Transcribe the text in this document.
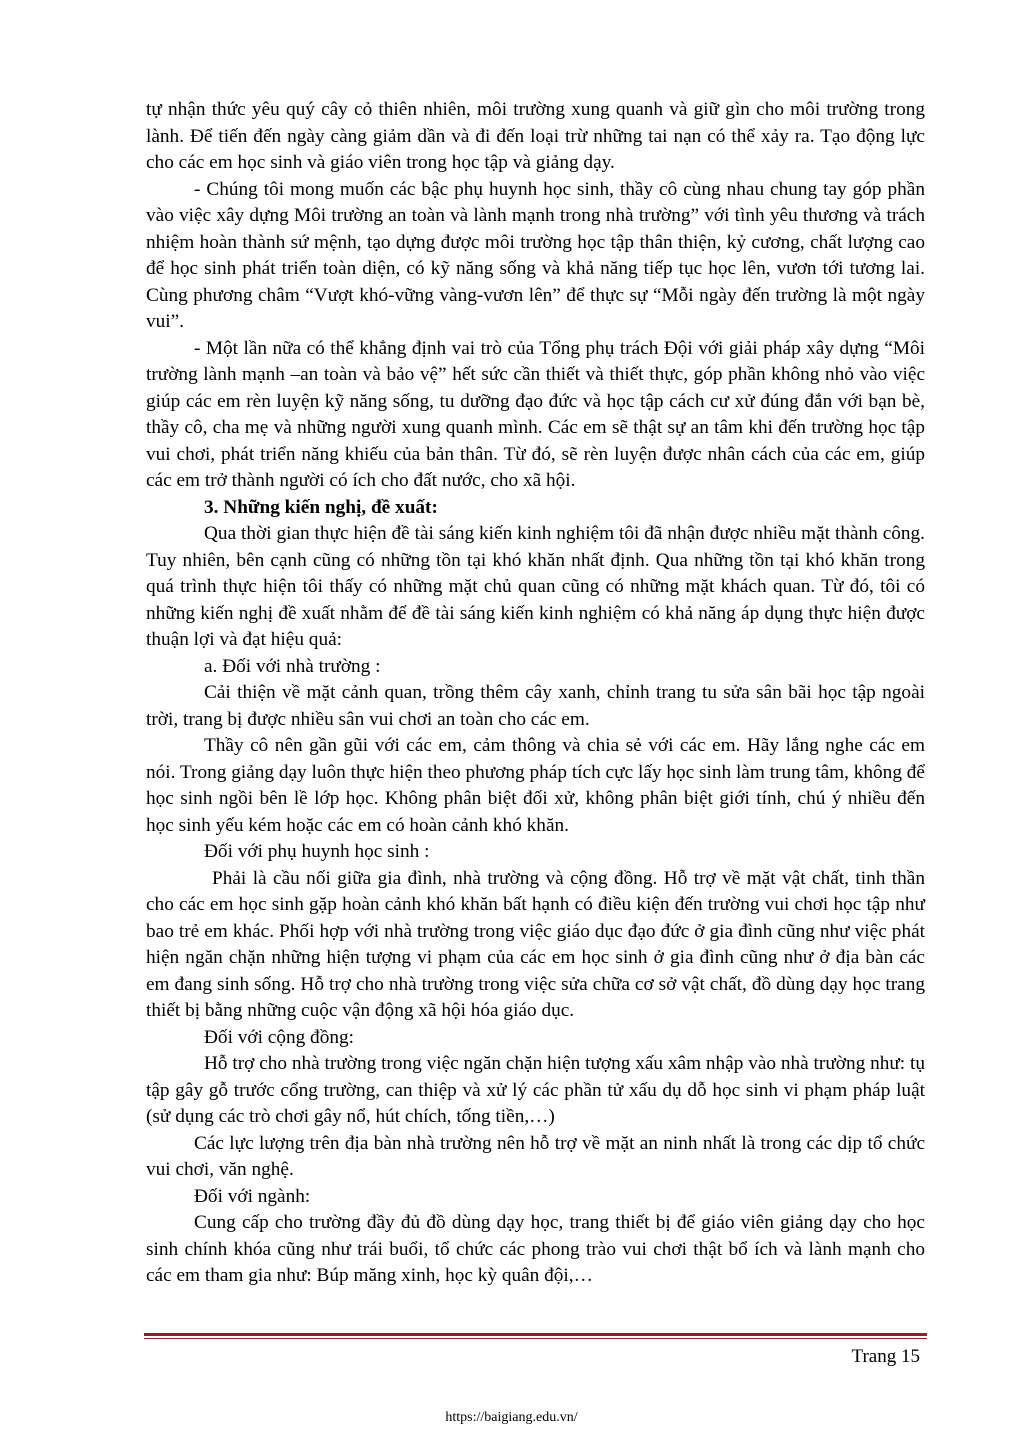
tự nhận thức yêu quý cây cỏ thiên nhiên, môi trường xung quanh và giữ gìn cho môi trường trong lành. Để tiến đến ngày càng giảm dần và đi đến loại trừ những tai nạn có thể xảy ra. Tạo động lực cho các em học sinh và giáo viên trong học tập và giảng dạy.

- Chúng tôi mong muốn các bậc phụ huynh học sinh, thầy cô cùng nhau chung tay góp phần vào việc xây dựng Môi trường an toàn và lành mạnh trong nhà trường” với tình yêu thương và trách nhiệm hoàn thành sứ mệnh, tạo dựng được môi trường học tập thân thiện, kỷ cương, chất lượng cao để học sinh phát triển toàn diện, có kỹ năng sống và khả năng tiếp tục học lên, vươn tới tương lai. Cùng phương châm “Vượt khó-vững vàng-vươn lên” để thực sự “Mỗi ngày đến trường là một ngày vui”.

- Một lần nữa có thể khẳng định vai trò của Tổng phụ trách Đội với giải pháp xây dựng “Môi trường lành mạnh –an toàn và bảo vệ” hết sức cần thiết và thiết thực, góp phần không nhỏ vào việc giúp các em rèn luyện kỹ năng sống, tu dưỡng đạo đức và học tập cách cư xử đúng đắn với bạn bè, thầy cô, cha mẹ và những người xung quanh mình. Các em sẽ thật sự an tâm khi đến trường học tập vui chơi, phát triển năng khiếu của bản thân. Từ đó, sẽ rèn luyện được nhân cách của các em, giúp các em trở thành người có ích cho đất nước, cho xã hội.

3. Những kiến nghị, đề xuất:

Qua thời gian thực hiện đề tài sáng kiến kinh nghiệm tôi đã nhận được nhiều mặt thành công. Tuy nhiên, bên cạnh cũng có những tồn tại khó khăn nhất định. Qua những tồn tại khó khăn trong quá trình thực hiện tôi thấy có những mặt chủ quan cũng có những mặt khách quan. Từ đó, tôi có những kiến nghị đề xuất nhằm để đề tài sáng kiến kinh nghiệm có khả năng áp dụng thực hiện được thuận lợi và đạt hiệu quả:

a. Đối với nhà trường :

Cải thiện về mặt cảnh quan, trồng thêm cây xanh, chỉnh trang tu sửa sân bãi học tập ngoài trời, trang bị được nhiều sân vui chơi an toàn cho các em.

Thầy cô nên gần gũi với các em, cảm thông và chia sẻ với các em. Hãy lắng nghe các em nói. Trong giảng dạy luôn thực hiện theo phương pháp tích cực lấy học sinh làm trung tâm, không để học sinh ngồi bên lề lớp học. Không phân biệt đối xử, không phân biệt giới tính, chú ý nhiều đến học sinh yếu kém hoặc các em có hoàn cảnh khó khăn.

Đối với phụ huynh học sinh :

Phải là cầu nối giữa gia đình, nhà trường và cộng đồng. Hỗ trợ về mặt vật chất, tinh thần cho các em học sinh gặp hoàn cảnh khó khăn bất hạnh có điều kiện đến trường vui chơi học tập như bao trẻ em khác. Phối hợp với nhà trường trong việc giáo dục đạo đức ở gia đình cũng như việc phát hiện ngăn chặn những hiện tượng vi phạm của các em học sinh ở gia đình cũng như ở địa bàn các em đang sinh sống. Hỗ trợ cho nhà trường trong việc sửa chữa cơ sở vật chất, đồ dùng dạy học trang thiết bị bằng những cuộc vận động xã hội hóa giáo dục.

Đối với cộng đồng:

Hỗ trợ cho nhà trường trong việc ngăn chặn hiện tượng xấu xâm nhập vào nhà trường như: tụ tập gây gỗ trước cổng trường, can thiệp và xử lý các phần tử xấu dụ dỗ học sinh vi phạm pháp luật (sử dụng các trò chơi gây nổ, hút chích, tống tiền,…)

Các lực lượng trên địa bàn nhà trường nên hỗ trợ về mặt an ninh nhất là trong các dịp tổ chức vui chơi, văn nghệ.

Đối với ngành:

Cung cấp cho trường đầy đủ đồ dùng dạy học, trang thiết bị để giáo viên giảng dạy cho học sinh chính khóa cũng như trái buổi, tổ chức các phong trào vui chơi thật bổ ích và lành mạnh cho các em tham gia như: Búp măng xinh, học kỳ quân đội,…

Trang 15
https://baigiang.edu.vn/
